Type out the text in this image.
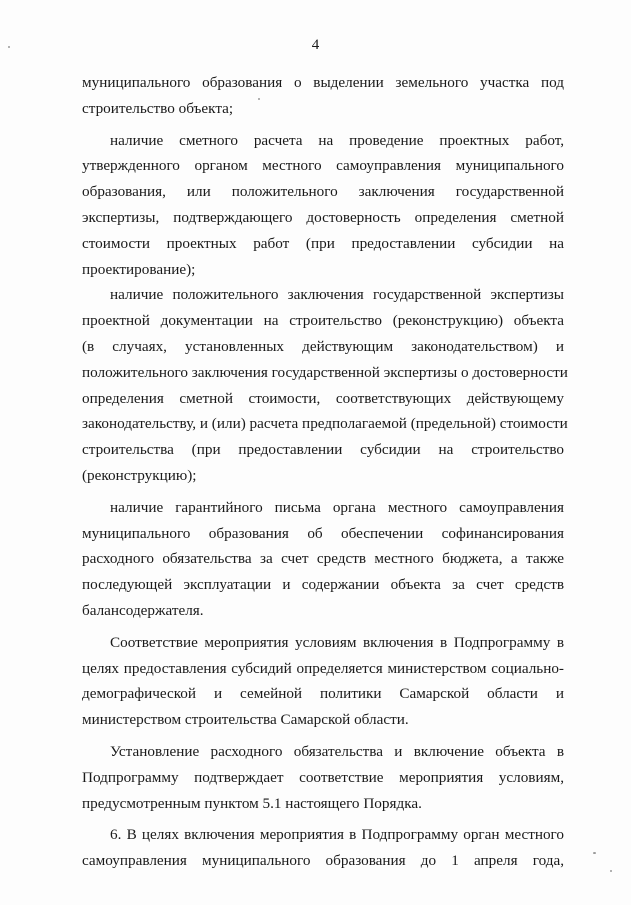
4
муниципального образования о выделении земельного участка под
строительство объекта;
наличие сметного расчета на проведение проектных работ,
утвержденного органом местного самоуправления муниципального
образования, или положительного заключения государственной
экспертизы, подтверждающего достоверность определения сметной
стоимости проектных работ (при предоставлении субсидии на
проектирование);
наличие положительного заключения государственной экспертизы
проектной документации на строительство (реконструкцию) объекта
(в случаях, установленных действующим законодательством) и
положительного заключения государственной экспертизы о достоверности
определения сметной стоимости, соответствующих действующему
законодательству, и (или) расчета предполагаемой (предельной) стоимости
строительства (при предоставлении субсидии на строительство
(реконструкцию);
наличие гарантийного письма органа местного самоуправления
муниципального образования об обеспечении софинансирования
расходного обязательства за счет средств местного бюджета, а также
последующей эксплуатации и содержании объекта за счет средств
балансодержателя.
Соответствие мероприятия условиям включения в Подпрограмму в
целях предоставления субсидий определяется министерством социально-
демографической и семейной политики Самарской области и
министерством строительства Самарской области.
Установление расходного обязательства и включение объекта в
Подпрограмму подтверждает соответствие мероприятия условиям,
предусмотренным пунктом 5.1 настоящего Порядка.
6. В целях включения мероприятия в Подпрограмму орган местного
самоуправления муниципального образования до 1 апреля года,
